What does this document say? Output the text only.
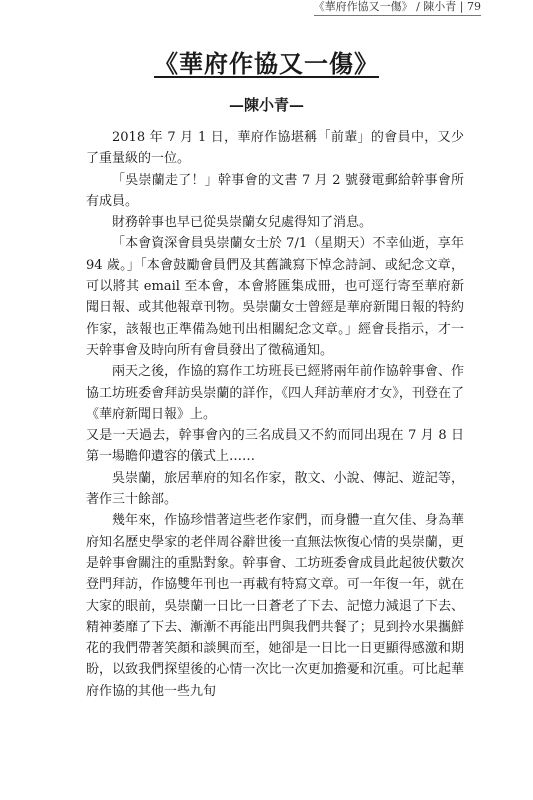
《華府作協又一傷》 / 陳小青 | 79
《華府作協又一傷》
—陳小青—

2018 年 7 月 1 日，華府作協堪稱「前輩」的會員中，又少了重量級的一位。

「吳崇蘭走了！」幹事會的文書 7 月 2 號發電郵給幹事會所有成員。

財務幹事也早已從吳崇蘭女兒處得知了消息。

「本會資深會員吳崇蘭女士於 7/1（星期天）不幸仙逝，享年 94 歲。」「本會鼓勵會員們及其舊識寫下悼念詩詞、或紀念文章，可以將其 email 至本會，本會將匯集成冊，也可逕行寄至華府新聞日報、或其他報章刊物。吳崇蘭女士曾經是華府新聞日報的特約作家，該報也正準備為她刊出相關紀念文章。」經會長指示，才一天幹事會及時向所有會員發出了徵稿通知。

兩天之後，作協的寫作工坊班長已經將兩年前作協幹事會、作協工坊班委會拜訪吳崇蘭的詳作，《四人拜訪華府才女》，刊登在了《華府新聞日報》上。

又是一天過去，幹事會內的三名成員又不約而同出現在 7 月 8 日第一場瞻仰遺容的儀式上……

吳崇蘭，旅居華府的知名作家，散文、小說、傳記、遊記等，著作三十餘部。

幾年來，作協珍惜著這些老作家們，而身體一直欠佳、身為華府知名歷史學家的老伴周谷辭世後一直無法恢復心情的吳崇蘭，更是幹事會關注的重點對象。幹事會、工坊班委會成員此起彼伏數次登門拜訪，作協雙年刊也一再載有特寫文章。可一年復一年，就在大家的眼前，吳崇蘭一日比一日蒼老了下去、記憶力減退了下去、精神萎靡了下去、漸漸不再能出門與我們共餐了；見到拎水果攜鮮花的我們帶著笑顏和談興而至，她卻是一日比一日更顯得感激和期盼，以致我們探望後的心情一次比一次更加擔憂和沉重。可比起華府作協的其他一些九旬
